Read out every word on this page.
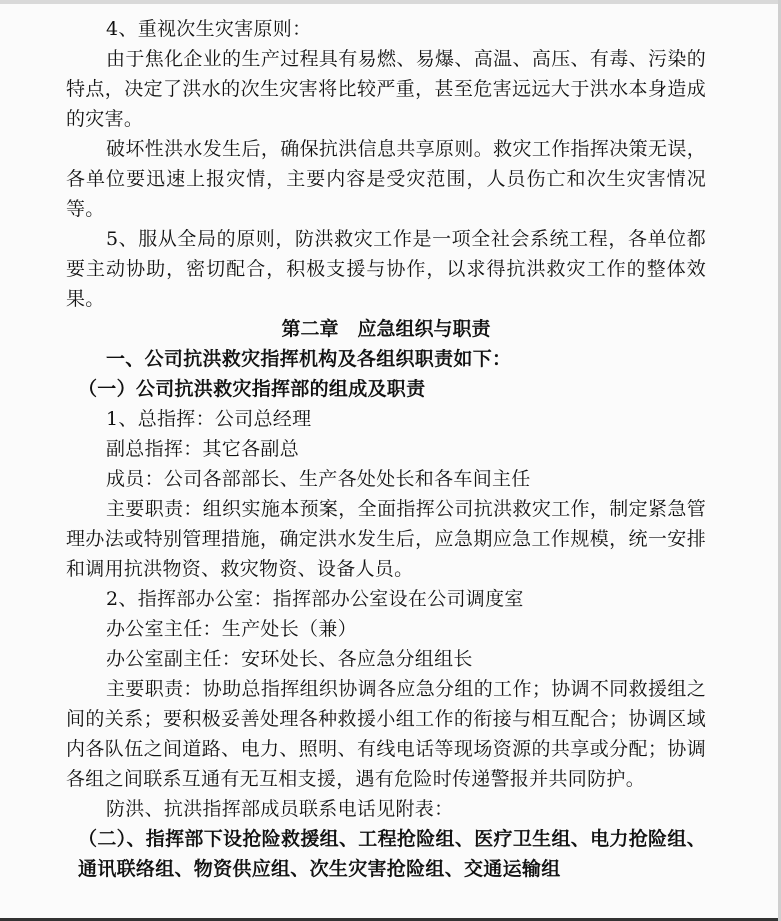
4、重视次生灾害原则：

由于焦化企业的生产过程具有易燃、易爆、高温、高压、有毒、污染的特点，决定了洪水的次生灾害将比较严重，甚至危害远远大于洪水本身造成的灾害。

破坏性洪水发生后，确保抗洪信息共享原则。救灾工作指挥决策无误，各单位要迅速上报灾情，主要内容是受灾范围，人员伤亡和次生灾害情况等。

5、服从全局的原则，防洪救灾工作是一项全社会系统工程，各单位都要主动协助，密切配合，积极支援与协作，以求得抗洪救灾工作的整体效果。

第二章　应急组织与职责

一、公司抗洪救灾指挥机构及各组织职责如下：

（一）公司抗洪救灾指挥部的组成及职责

1、总指挥：公司总经理

副总指挥：其它各副总

成员：公司各部部长、生产各处处长和各车间主任

主要职责：组织实施本预案，全面指挥公司抗洪救灾工作，制定紧急管理办法或特别管理措施，确定洪水发生后，应急期应急工作规模，统一安排和调用抗洪物资、救灾物资、设备人员。

2、指挥部办公室：指挥部办公室设在公司调度室

办公室主任：生产处长（兼）

办公室副主任：安环处长、各应急分组组长

主要职责：协助总指挥组织协调各应急分组的工作；协调不同救援组之间的关系；要积极妥善处理各种救援小组工作的衔接与相互配合；协调区域内各队伍之间道路、电力、照明、有线电话等现场资源的共享或分配；协调各组之间联系互通有无互相支援，遇有危险时传递警报并共同防护。

防洪、抗洪指挥部成员联系电话见附表：

（二）、指挥部下设抢险救援组、工程抢险组、医疗卫生组、电力抢险组、通讯联络组、物资供应组、次生灾害抢险组、交通运输组
